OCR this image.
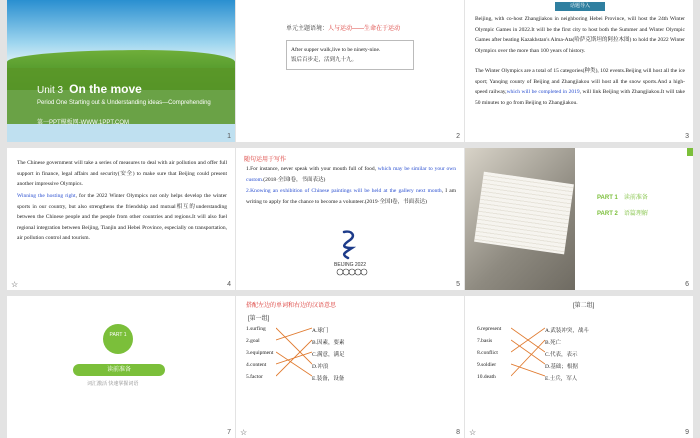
Unit 3 On the move
Period One Starting out & Understanding ideas—Comprehending
第一PPT模板网-WWW.1PPT.COM
1
单元主题语境：人与运动——生命在于运动
After supper walk,live to be ninety-nine.
饭后百步走，活到九十九。
2
话题导入
Beijing, with co-host Zhangjiakou in neighboring Hebei Province, will host the 24th Winter Olympic Games in 2022.It will be the first city to host both the Summer and Winter Olympic Games after beating Kazakhstan's Alma-Ata(哈萨克斯坦的阿拉木图) to hold the 2022 Winter Olympics over the more than 100 years of history.
The Winter Olympics are a total of 15 categories(种类), 102 events.Beijing will host all the ice sport; Yanqing county of Beijing and Zhangjiakou will host all the snow sports.And a high-speed railway,which will be completed in 2019, will link Beijing with Zhangjiakou.It will take 50 minutes to go from Beijing to Zhangjiakou.
3
The Chinese government will take a series of measures to deal with air pollution and offer full support in finance, legal affairs and security(安全) to make sure that Beijing could present another impressive Olympics.
Winning the hosting right, for the 2022 Winter Olympics not only helps develop the winter sports in our country, but also strengthens the friendship and mutual相互的understanding between the Chinese people and the people from other countries and regions.It will also fuel regional integration between Beijing, Tianjin and Hebei Province, especially on transportation, air pollution control and tourism.
☆	4
随句运用于写作
1.For instance, never speak with your mouth full of food, which may be similar to your own custom.(2018·全国Ⅰ卷，书面表达)
2.Knowing an exhibition of Chinese paintings will be held at the gallery next month, I am writing to apply for the chance to become a volunteer.(2019·全国Ⅰ卷，书面表达)
BEIJING 2022
5
PART 1 读前准备
PART 2 语篇理解
6
PART 1
读前准备
词汇激活 快速掌握词语
7
搭配左边的单词和右边的汉语意思
[第一组]
1.surfing
2.goal
3.equipment
4.content
5.factor
A.球门
B.因素，要素
C.满意，满足
D.冲浪
E.装备，设备
☆	8
[第二组]
6.represent
7.basis
8.conflict
9.soldier
10.death
A.武装冲突，战斗
B.死亡
C.代表，表示
D.基础；根据
E.士兵，军人
☆	9
